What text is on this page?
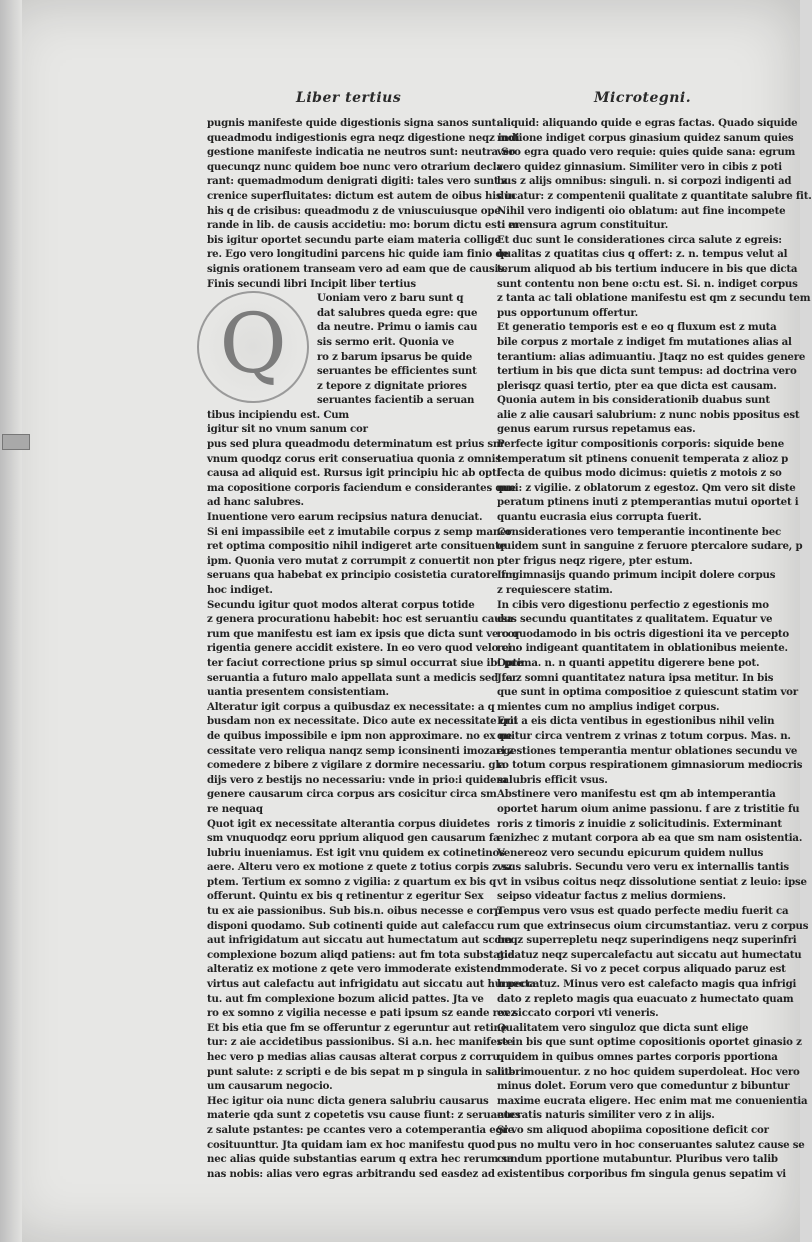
Liber tertius	Microtegni.
pugnis manifeste quide digestionis signa sanos sunt:
queadmodu indigestionis egra neqz digestione neqz indi
gestione manifeste indicatia ne neutros sunt: neutra So
quecunqz nunc quidem boe nunc vero otrarium decla
rant: quemadmodum denigrati digiti: tales vero sunt z
crenice superfluitates: dictum est autem de oibus his in
his q de crisibus: queadmodu z de vniuscuiusque ope
rande in lib. de causis accidetiu: mo: borum dictu est: er
bis igitur oportet secundu parte eiam materia collige
re. Ego vero longitudini parcens hic quide iam finio de
signis orationem transeam vero ad eam que de causis.
Finis secundi libri Incipit liber tertius
Q	Uoniam vero z baru sunt q
dat salubres queda egre: que
da neutre. Primu o iamis cau
sis sermo erit. Quonia ve
ro z barum ipsarus be quide
seruantes be efficientes sunt
z tepore z dignitate priores
seruantes facientib a seruan
tibus incipiendu est. Cum
igitur sit no vnum sanum cor
pus sed plura queadmodu determinatum est prius sm
vnum quodqz corus erit conseruatiua quonia z omnis
causa ad aliquid est. Rursus igit principiu hic ab opti
ma copositione corporis faciendum e considerantes que
ad hanc salubres.
Inuentione vero earum recipsius natura denuciat.
Si eni impassibile eet z imutabile corpus z semp maner
ret optima compositio nihil indigeret arte consituente
ipm. Quonia vero mutat z corrumpit z conuertit non
seruans qua habebat ex principio cosistetia curatore fm
hoc indiget.
Secundu igitur quot modos alterat corpus totide
z genera procurationu habebit: hoc est seruantiu causa
rum que manifestu est iam ex ipsis que dicta sunt ve cor
rigentia genere accidit existere. In eo vero quod velo ci
ter faciut correctione prius sp simul occurrat siue ibi pre
seruantia a futuro malo appellata sunt a medicis sed fer
uantia presentem consistentiam.
Alteratur igit corpus a quibusdaz ex necessitate: a q
busdam non ex necessitate. Dico aute ex necessitate qui
de quibus impossibile e ipm non approximare. no ex ne
cessitate vero reliqua nanqz semp iconsinenti imozari z
comedere z bibere z vigilare z dormire necessariu. gla
dijs vero z bestijs no necessariu: vnde in prio:i quidem
genere causarum circa corpus ars cosicitur circa sm
re nequaq
Quot igit ex necessitate alterantia corpus diuidetes
sm vnuquodqz eoru pprium aliquod gen causarum fa
lubriu inueniamus. Est igit vnu quidem ex cotinetinos
aere. Alteru vero ex motione z quete z totius corpis z sz
ptem. Tertium ex somno z vigilia: z quartum ex bis q
offerunt. Quintu ex bis q retinentur z egeritur Sex
tu ex aie passionibus. Sub bis.n. oibus necesse e corp
disponi quodamo. Sub cotinenti quide aut calefaccu
aut infrigidatum aut siccatu aut humectatum aut scdm
complexione bozum aliqd patiens: aut fm tota substatia
alteratiz ex motione z qete vero immoderate existend
virtus aut calefactu aut infrigidatu aut siccatu aut humecta
tu. aut fm complexione bozum alicid pattes. Jta ve
ro ex somno z vigilia necesse e pati ipsum sz eande roez
Et bis etia que fm se offeruntur z egeruntur aut retine
tur: z aie accidetibus passionibus. Si a.n. hec manifeste
hec vero p medias alias causas alterat corpus z corru
punt salute: z scripti e de bis sepat m p singula in salubri
um causarum negocio.
Hec igitur oia nunc dicta genera salubriu causarus
materie qda sunt z copetetis vsu cause fiunt: z seruantes
z salute pstantes: pe ccantes vero a cotemperantia egre
cosituunttur. Jta quidam iam ex hoc manifestu quod
nec alias quide substantias earum q extra hec rerum sa
nas nobis: alias vero egras arbitrandu sed easdez ad
aliquid: aliquando quide e egras factas. Quado siquide
motione indiget corpus ginasium quidez sanum quies
vero egra quado vero requie: quies quide sana: egrum
vero quidez ginnasium. Similiter vero in cibis z poti
bus z alijs omnibus: singuli. n. si corpozi indigenti ad
ducatur: z compentenii qualitate z quantitate salubre fit.
Nihil vero indigenti oio oblatum: aut fine incompete
ti mensura agrum constituitur.
Et duc sunt le considerationes circa salute z egreis:
qualitas z quatitas cius q offert: z. n. tempus velut al
terum aliquod ab bis tertium inducere in bis que dicta
sunt contentu non bene o:ctu est. Si. n. indiget corpus
z tanta ac tali oblatione manifestu est qm z secundu tem
pus opportunum offertur.
Et generatio temporis est e eo q fluxum est z muta
bile corpus z mortale z indiget fm mutationes alias al
terantium: alias adimuantiu. Jtaqz no est quides genere
tertium in bis que dicta sunt tempus: ad doctrina vero
plerisqz quasi tertio, pter ea que dicta est causam.
Quonia autem in bis considerationib duabus sunt
alie z alie causari salubrium: z nunc nobis ppositus est
genus earum rursus repetamus eas.
Perfecte igitur compositionis corporis: siquide bene
temperatum sit ptinens conuenit temperata z alioz p
fecta de quibus modo dicimus: quietis z motois z so
mni: z vigilie. z oblatorum z egestoz. Qm vero sit diste
peratum ptinens inuti z ptemperantias mutui oportet i
quantu eucrasia eius corrupta fuerit.
Considerationes vero temperantie incontinente bec
quidem sunt in sanguine z feruore ptercalore sudare, p
pter frigus neqz rigere, pter estum.
In gimnasijs quando primum incipit dolere corpus
z requiescere statim.
In cibis vero digestionu perfectio z egestionis mo
dus secundu quantitates z qualitatem. Equatur ve
ro quodamodo in bis octris digestioni ita ve percepto
reno indigeant quantitatem in oblationibus meiente.
Optima. n. n quanti appetitu digerere bene pot.
Jta z somni quantitatez natura ipsa metitur. In bis
que sunt in optima compositioe z quiescunt statim vor
mientes cum no amplius indiget corpus.
Erit a eis dicta ventibus in egestionibus nihil velin
quitur circa ventrem z vrinas z totum corpus. Mas. n.
egestiones temperantia mentur oblationes secundu ve
ro totum corpus respirationem gimnasiorum mediocris
salubris efficit vsus.
Abstinere vero manifestu est qm ab intemperantia
oportet harum oium anime passionu. f are z tristitie fu
roris z timoris z inuidie z solicitudinis. Exterminant
enizhec z mutant corpora ab ea que sm nam osistentia.
Venereoz vero secundu epicurum quidem nullus
vsus salubris. Secundu vero veru ex internallis tantis
vt in vsibus coitus neqz dissolutione sentiat z leuio: ipse
seipso videatur factus z melius dormiens.
Tempus vero vsus est quado perfecte mediu fuerit ca
rum que extrinsecus oium circumstantiaz. veru z corpus
neqz superrepletu neqz superindigens neqz superinfri
gidatuz neqz supercalefactu aut siccatu aut humectatu
immoderate. Si vo z pecet corpus aliquado paruz est
h peccatuz. Minus vero est calefacto magis qua infrigi
dato z repleto magis qua euacuato z humectato quam
ex siccato corpori vti veneris.
Qualitatem vero singuloz que dicta sunt elige
re in bis que sunt optime copositionis oportet ginasio z
quidem in quibus omnes partes corporis pportiona
liter mouentur. z no hoc quidem superdoleat. Hoc vero
minus dolet. Eorum vero que comeduntur z bibuntur
maxime eucrata eligere. Hec enim mat me conuenientia
eucratis naturis similiter vero z in alijs.
Si vo sm aliquod abopiima copositione deficit cor
pus no multu vero in hoc conseruantes salutez cause se
cundum pportione mutabuntur. Pluribus vero talib
existentibus corporibus fm singula genus sepatim vi
